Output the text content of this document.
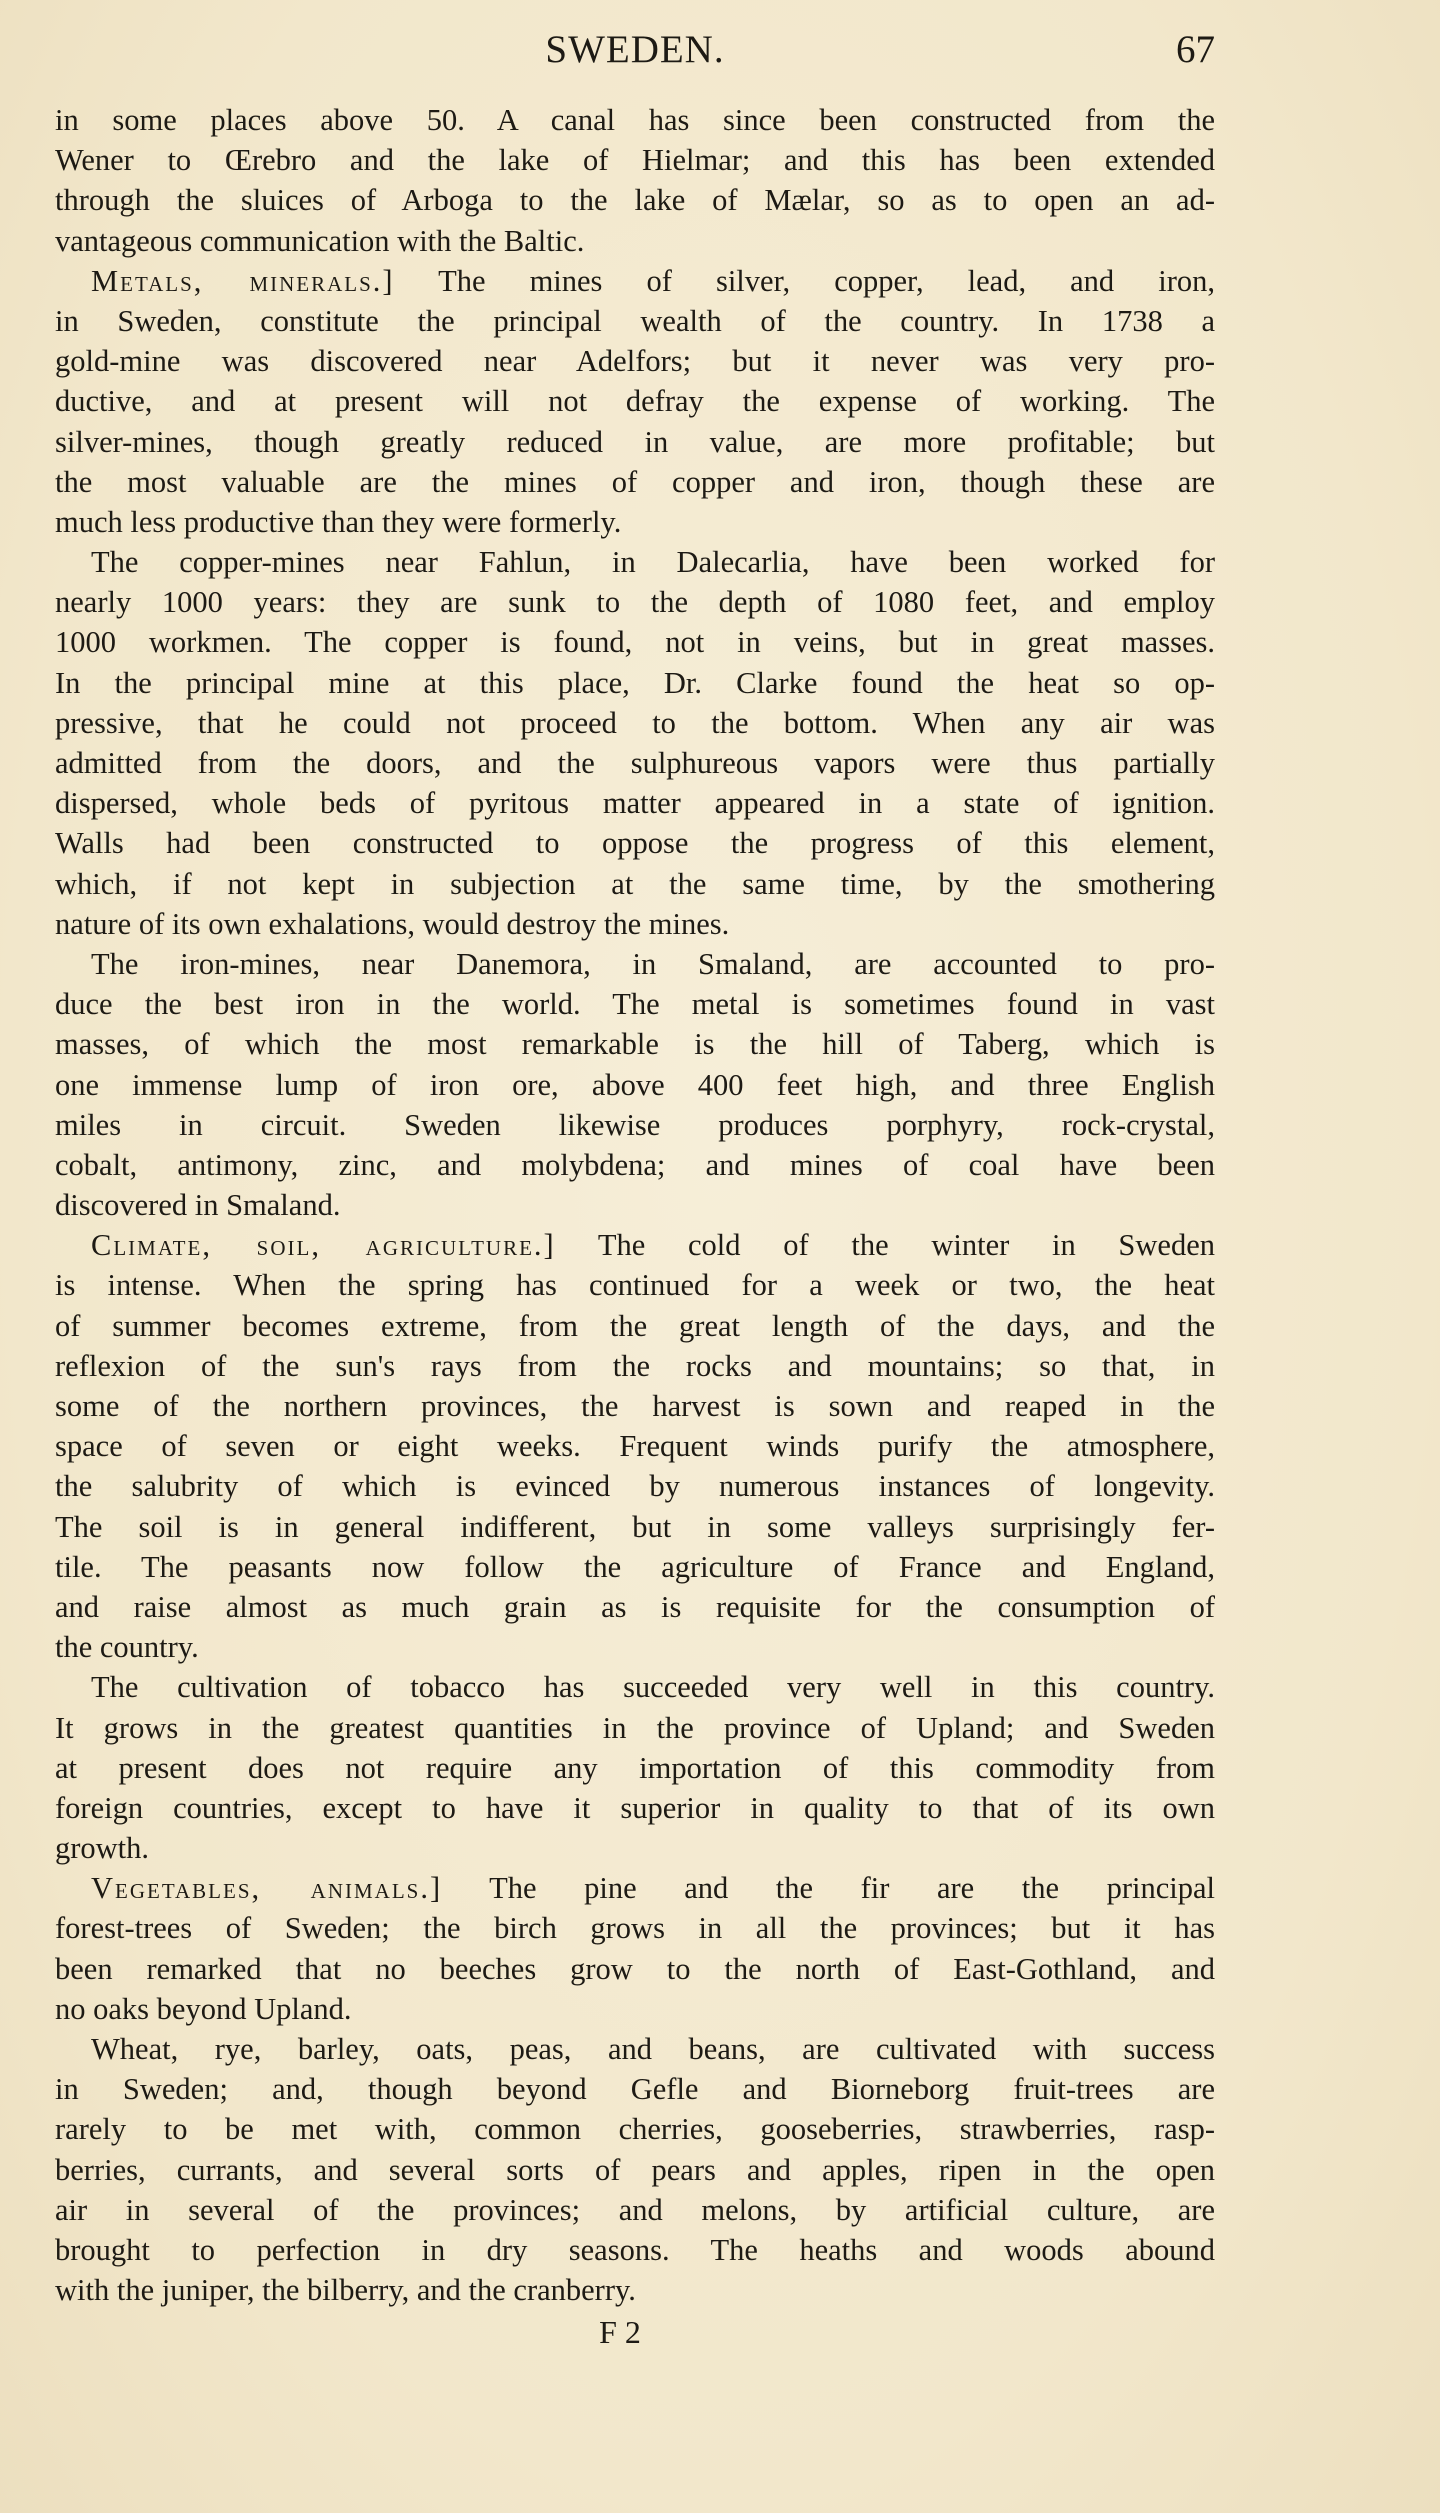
SWEDEN.	67
in some places above 50. A canal has since been constructed from the
Wener to Œrebro and the lake of Hielmar; and this has been extended
through the sluices of Arboga to the lake of Mælar, so as to open an ad-
vantageous communication with the Baltic.
Metals, minerals.] The mines of silver, copper, lead, and iron,
in Sweden, constitute the principal wealth of the country. In 1738 a
gold-mine was discovered near Adelfors; but it never was very pro-
ductive, and at present will not defray the expense of working. The
silver-mines, though greatly reduced in value, are more profitable; but
the most valuable are the mines of copper and iron, though these are
much less productive than they were formerly.
The copper-mines near Fahlun, in Dalecarlia, have been worked for
nearly 1000 years: they are sunk to the depth of 1080 feet, and employ
1000 workmen. The copper is found, not in veins, but in great masses.
In the principal mine at this place, Dr. Clarke found the heat so op-
pressive, that he could not proceed to the bottom. When any air was
admitted from the doors, and the sulphureous vapors were thus partially
dispersed, whole beds of pyritous matter appeared in a state of ignition.
Walls had been constructed to oppose the progress of this element,
which, if not kept in subjection at the same time, by the smothering
nature of its own exhalations, would destroy the mines.
The iron-mines, near Danemora, in Smaland, are accounted to pro-
duce the best iron in the world. The metal is sometimes found in vast
masses, of which the most remarkable is the hill of Taberg, which is
one immense lump of iron ore, above 400 feet high, and three English
miles in circuit. Sweden likewise produces porphyry, rock-crystal,
cobalt, antimony, zinc, and molybdena; and mines of coal have been
discovered in Smaland.
Climate, soil, agriculture.] The cold of the winter in Sweden
is intense. When the spring has continued for a week or two, the heat
of summer becomes extreme, from the great length of the days, and the
reflexion of the sun's rays from the rocks and mountains; so that, in
some of the northern provinces, the harvest is sown and reaped in the
space of seven or eight weeks. Frequent winds purify the atmosphere,
the salubrity of which is evinced by numerous instances of longevity.
The soil is in general indifferent, but in some valleys surprisingly fer-
tile. The peasants now follow the agriculture of France and England,
and raise almost as much grain as is requisite for the consumption of
the country.
The cultivation of tobacco has succeeded very well in this country.
It grows in the greatest quantities in the province of Upland; and Sweden
at present does not require any importation of this commodity from
foreign countries, except to have it superior in quality to that of its own
growth.
Vegetables, animals.] The pine and the fir are the principal
forest-trees of Sweden; the birch grows in all the provinces; but it has
been remarked that no beeches grow to the north of East-Gothland, and
no oaks beyond Upland.
Wheat, rye, barley, oats, peas, and beans, are cultivated with success
in Sweden; and, though beyond Gefle and Biorneborg fruit-trees are
rarely to be met with, common cherries, gooseberries, strawberries, rasp-
berries, currants, and several sorts of pears and apples, ripen in the open
air in several of the provinces; and melons, by artificial culture, are
brought to perfection in dry seasons. The heaths and woods abound
with the juniper, the bilberry, and the cranberry.
F 2
